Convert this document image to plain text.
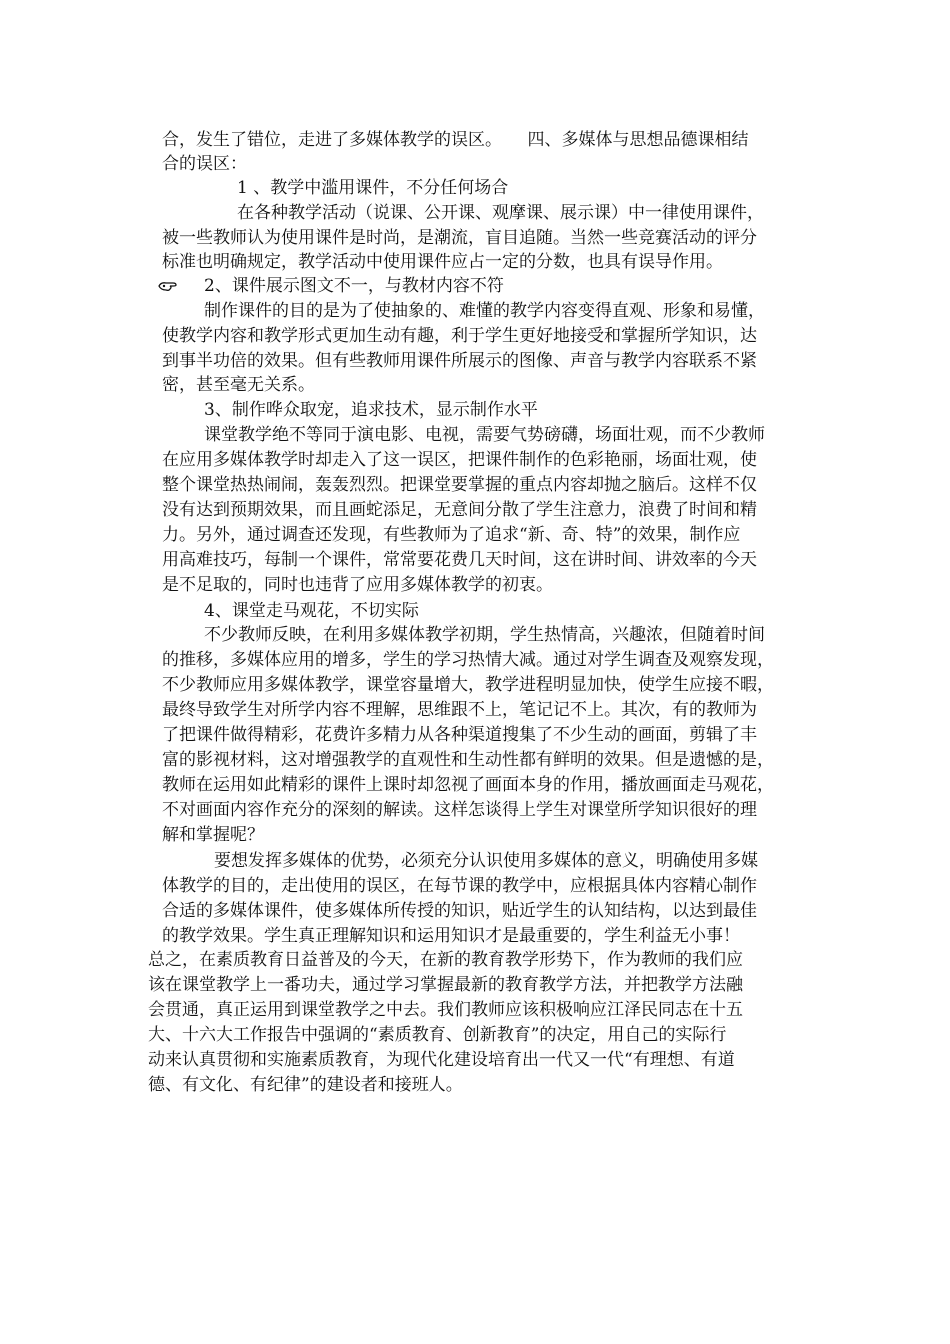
合，发生了错位，走进了多媒体教学的误区。　　四、多媒体与思想品德课相结
合的误区：
1 、教学中滥用课件，不分任何场合
在各种教学活动（说课、公开课、观摩课、展示课）中一律使用课件，
被一些教师认为使用课件是时尚，是潮流，盲目追随。当然一些竞赛活动的评分
标准也明确规定，教学活动中使用课件应占一定的分数，也具有误导作用。
2、课件展示图文不一，与教材内容不符
制作课件的目的是为了使抽象的、难懂的教学内容变得直观、形象和易懂，
使教学内容和教学形式更加生动有趣，利于学生更好地接受和掌握所学知识，达
到事半功倍的效果。但有些教师用课件所展示的图像、声音与教学内容联系不紧
密，甚至毫无关系。
3、制作哗众取宠，追求技术，显示制作水平
课堂教学绝不等同于演电影、电视，需要气势磅礴，场面壮观，而不少教师
在应用多媒体教学时却走入了这一误区，把课件制作的色彩艳丽，场面壮观，使
整个课堂热热闹闹，轰轰烈烈。把课堂要掌握的重点内容却抛之脑后。这样不仅
没有达到预期效果，而且画蛇添足，无意间分散了学生注意力，浪费了时间和精
力。另外，通过调查还发现，有些教师为了追求“新、奇、特”的效果，制作应
用高难技巧，每制一个课件，常常要花费几天时间，这在讲时间、讲效率的今天
是不足取的，同时也违背了应用多媒体教学的初衷。
4、课堂走马观花，不切实际
不少教师反映，在利用多媒体教学初期，学生热情高，兴趣浓，但随着时间
的推移，多媒体应用的增多，学生的学习热情大减。通过对学生调查及观察发现，
不少教师应用多媒体教学，课堂容量增大，教学进程明显加快，使学生应接不暇，
最终导致学生对所学内容不理解，思维跟不上，笔记记不上。其次，有的教师为
了把课件做得精彩，花费许多精力从各种渠道搜集了不少生动的画面，剪辑了丰
富的影视材料，这对增强教学的直观性和生动性都有鲜明的效果。但是遗憾的是，
教师在运用如此精彩的课件上课时却忽视了画面本身的作用，播放画面走马观花，
不对画面内容作充分的深刻的解读。这样怎谈得上学生对课堂所学知识很好的理
解和掌握呢？
要想发挥多媒体的优势，必须充分认识使用多媒体的意义，明确使用多媒
体教学的目的，走出使用的误区，在每节课的教学中，应根据具体内容精心制作
合适的多媒体课件，使多媒体所传授的知识，贴近学生的认知结构，以达到最佳
的教学效果。学生真正理解知识和运用知识才是最重要的，学生利益无小事！
总之，在素质教育日益普及的今天，在新的教育教学形势下，作为教师的我们应
该在课堂教学上一番功夫，通过学习掌握最新的教育教学方法，并把教学方法融
会贯通，真正运用到课堂教学之中去。我们教师应该积极响应江泽民同志在十五
大、十六大工作报告中强调的“素质教育、创新教育”的决定，用自己的实际行
动来认真贯彻和实施素质教育，为现代化建设培育出一代又一代“有理想、有道
德、有文化、有纪律”的建设者和接班人。
